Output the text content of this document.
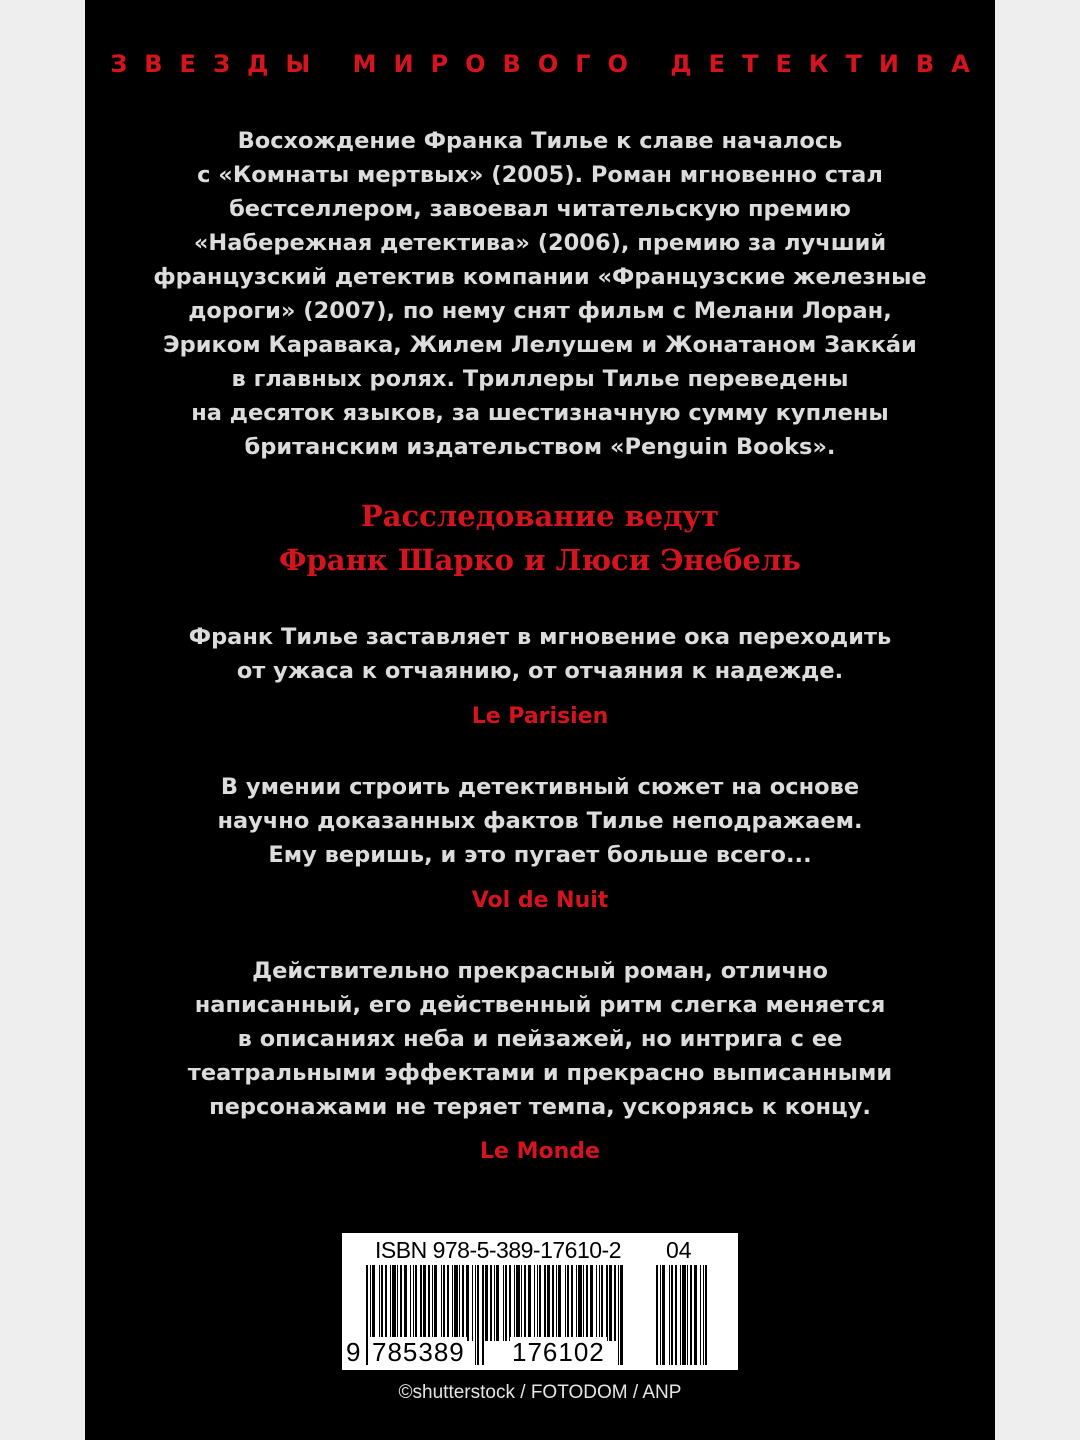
ЗВЕЗДЫ МИРОВОГО ДЕТЕКТИВА
Восхождение Франка Тилье к славе началось
с «Комнаты мертвых» (2005). Роман мгновенно стал
бестселлером, завоевал читательскую премию
«Набережная детектива» (2006), премию за лучший
французский детектив компании «Французские железные
дороги» (2007), по нему снят фильм с Мелани Лоран,
Эриком Каравака, Жилем Лелушем и Жонатаном Закка́и
в главных ролях. Триллеры Тилье переведены
на десяток языков, за шестизначную сумму куплены
британским издательством «Penguin Books».
Расследование ведут
Франк Шарко и Люси Энебель
Франк Тилье заставляет в мгновение ока переходить
от ужаса к отчаянию, от отчаяния к надежде.
Le Parisien
В умении строить детективный сюжет на основе
научно доказанных фактов Тилье неподражаем.
Ему веришь, и это пугает больше всего...
Vol de Nuit
Действительно прекрасный роман, отлично
написанный, его действенный ритм слегка меняется
в описаниях неба и пейзажей, но интрига с ее
театральными эффектами и прекрасно выписанными
персонажами не теряет темпа, ускоряясь к концу.
Le Monde
ISBN 978-5-389-17610-2 04
9 785389 176102
©shutterstock / FOTODOM / ANP
